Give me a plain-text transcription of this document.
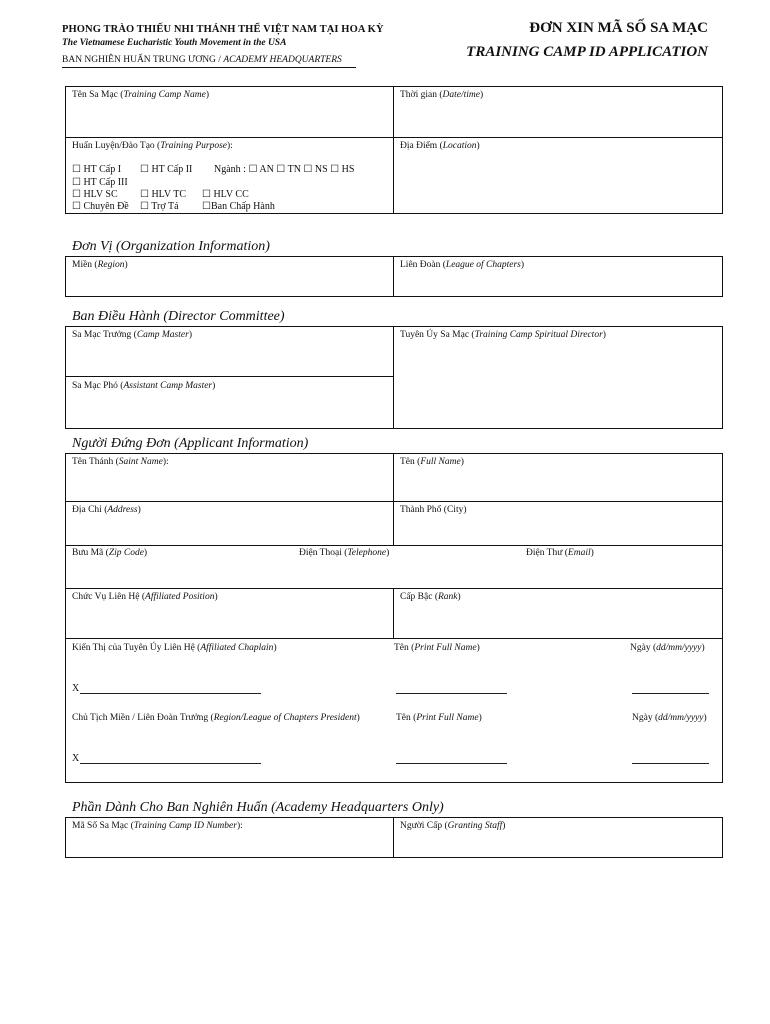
PHONG TRÀO THIẾU NHI THÁNH THỂ VIỆT NAM TẠI HOA KỲ
The Vietnamese Eucharistic Youth Movement in the USA
BAN NGHIÊN HUẤN TRUNG ƯƠNG / ACADEMY HEADQUARTERS
ĐƠN XIN MÃ SỐ SA MẠC
TRAINING CAMP ID APPLICATION
Tên Sa Mạc (Training Camp Name)	Thời gian (Date/time)
Huấn Luyện/Đào Tạo (Training Purpose):	Địa Điểm (Location)
☐ HT Cấp I ☐ HT Cấp II Ngành : ☐ AN ☐ TN ☐ NS ☐ HS
☐ HT Cấp III
☐ HLV SC ☐ HLV TC ☐ HLV CC
☐ Chuyên Đề ☐ Trợ Tá ☐Ban Chấp Hành
Đơn Vị (Organization Information)
Miền (Region)	Liên Đoàn (League of Chapters)
Ban Điều Hành (Director Committee)
Sa Mạc Trưởng (Camp Master)	Tuyên Úy Sa Mạc (Training Camp Spiritual Director)
Sa Mạc Phó (Assistant Camp Master)
Người Đứng Đơn (Applicant Information)
Tên Thánh (Saint Name):	Tên (Full Name)
Địa Chỉ (Address)	Thành Phố (City)
Bưu Mã (Zip Code)	Điện Thoại (Telephone)	Điện Thư (Email)
Chức Vụ Liên Hệ (Affiliated Position)	Cấp Bậc (Rank)
Kiến Thị của Tuyên Úy Liên Hệ (Affiliated Chaplain)	Tên (Print Full Name)	Ngày (dd/mm/yyyy)
X
Chủ Tịch Miền / Liên Đoàn Trưởng (Region/League of Chapters President)	Tên (Print Full Name)	Ngày (dd/mm/yyyy)
X
Phần Dành Cho Ban Nghiên Huấn (Academy Headquarters Only)
Mã Số Sa Mạc (Training Camp ID Number):	Người Cấp (Granting Staff)
